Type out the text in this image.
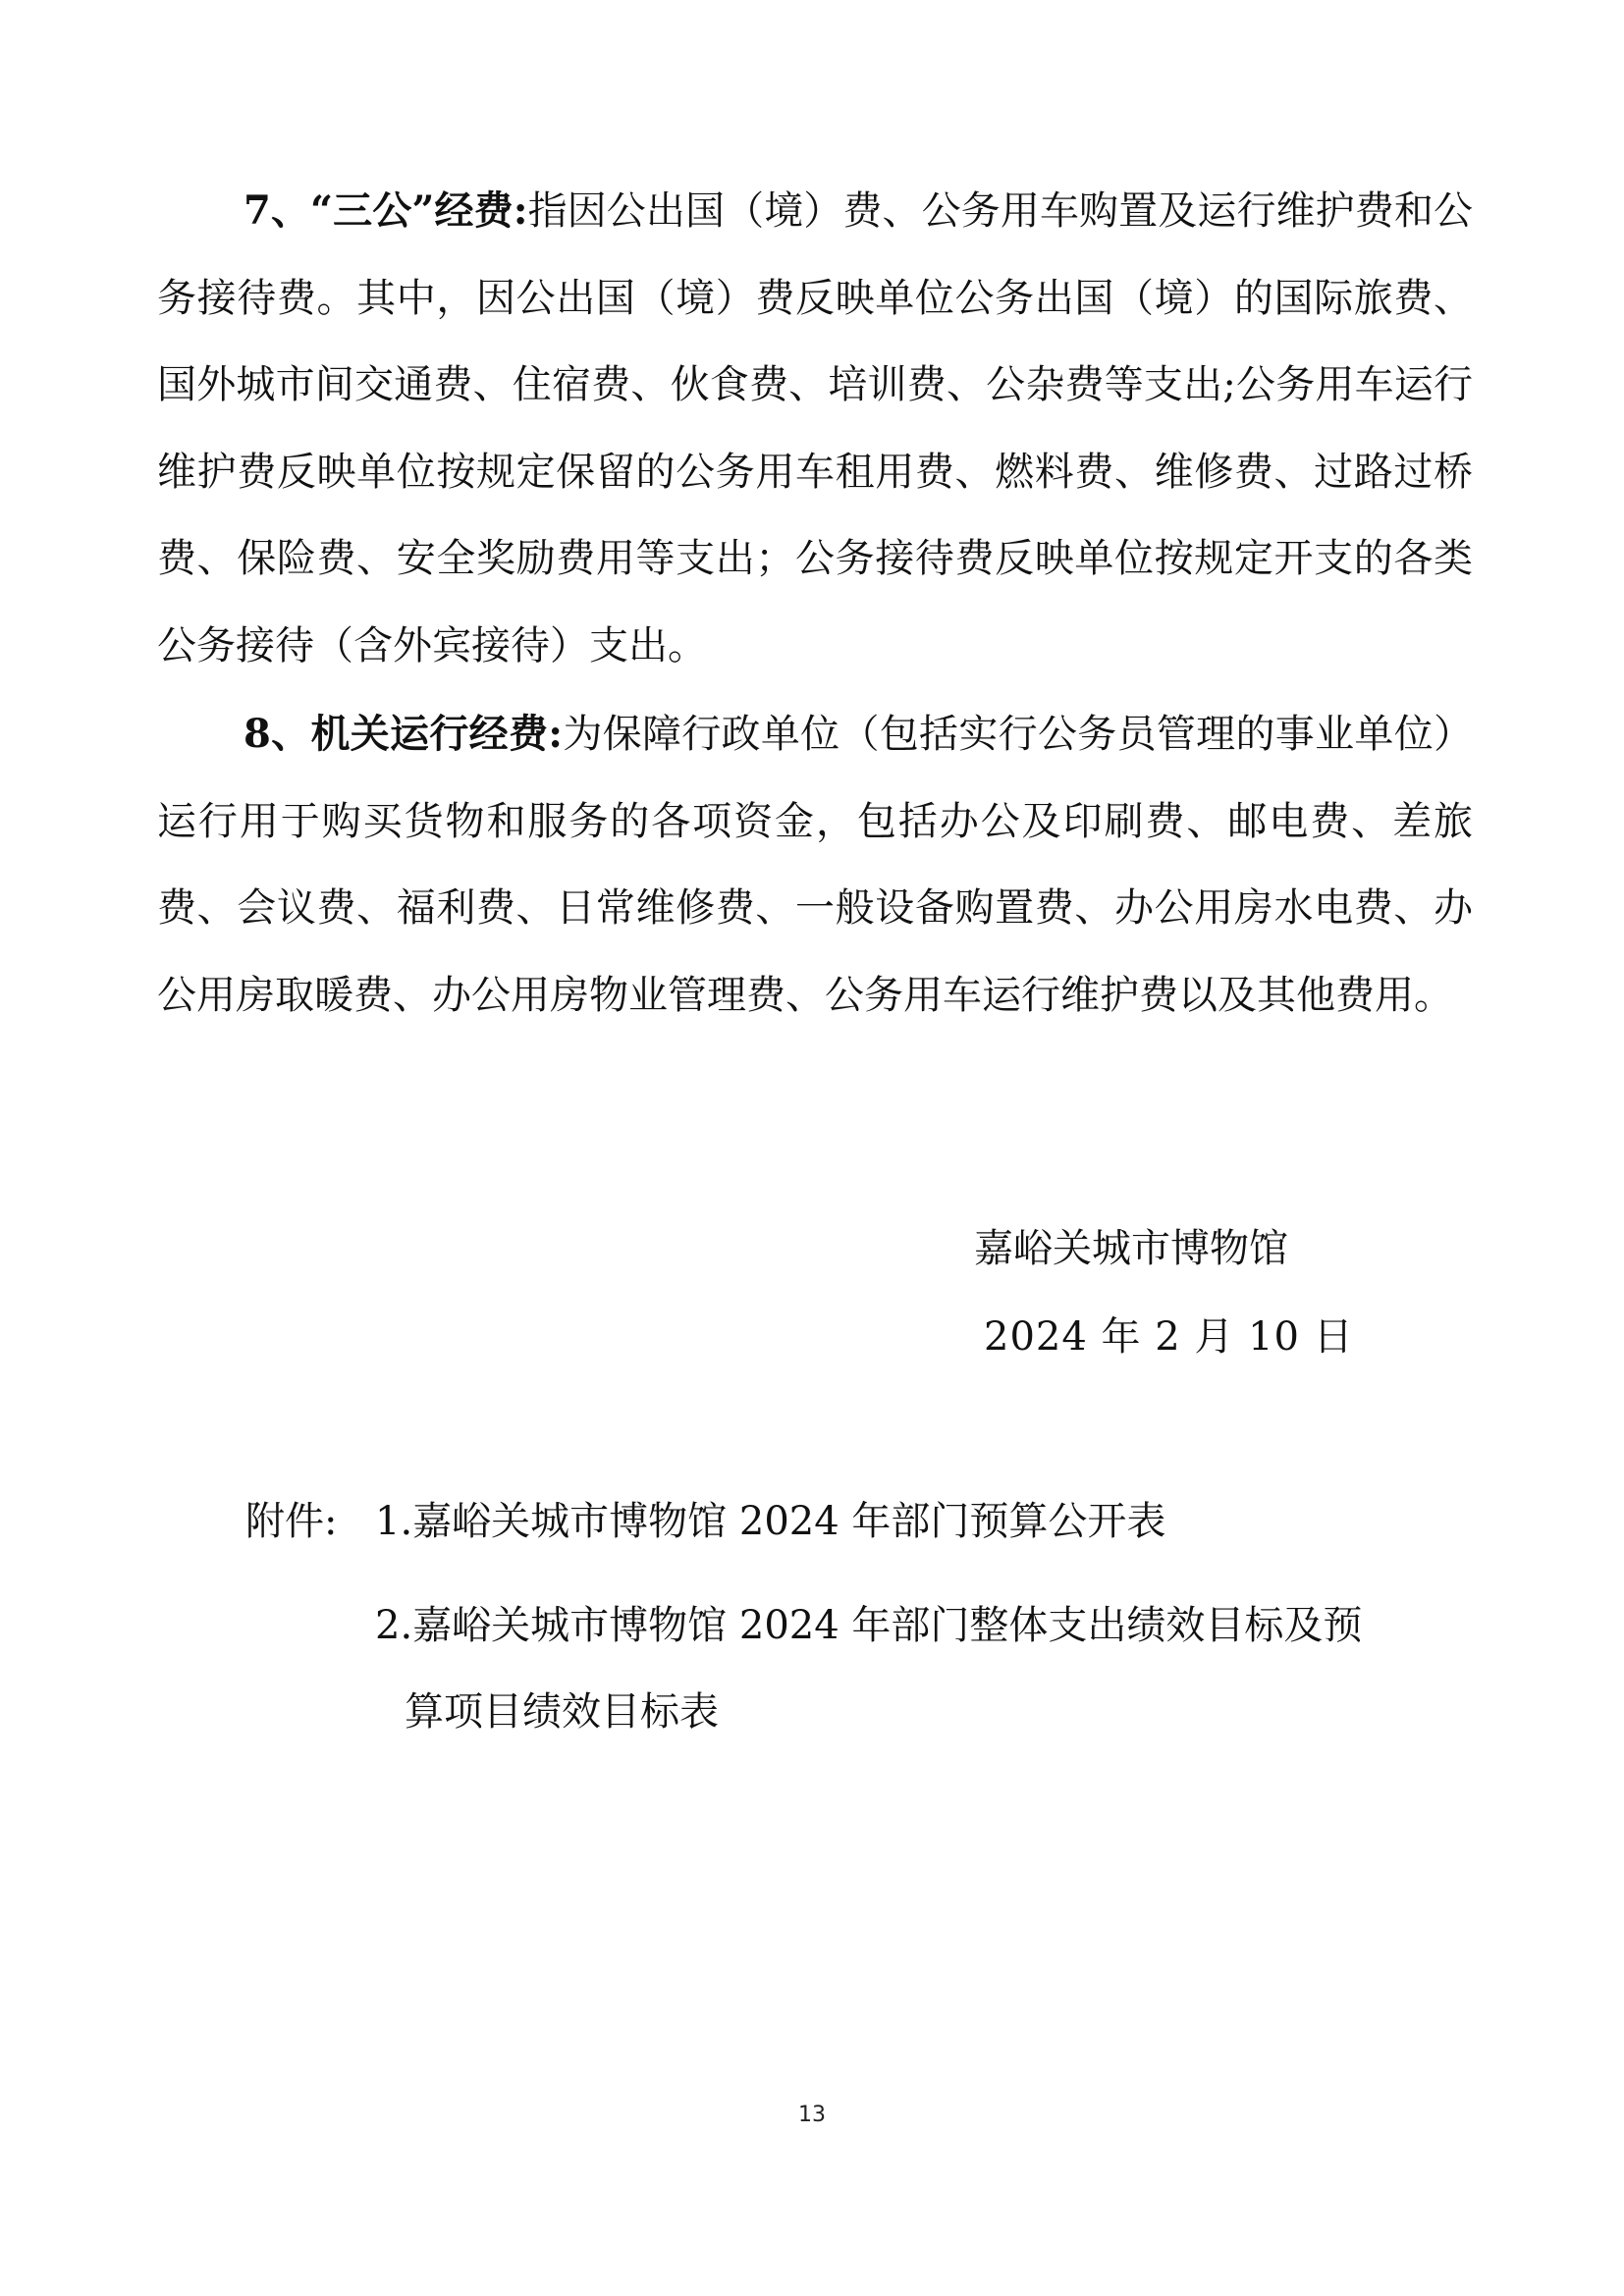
7、“三公”经费:指因公出国（境）费、公务用车购置及运行维护费和公务接待费。其中，因公出国（境）费反映单位公务出国（境）的国际旅费、国外城市间交通费、住宿费、伙食费、培训费、公杂费等支出;公务用车运行维护费反映单位按规定保留的公务用车租用费、燃料费、维修费、过路过桥费、保险费、安全奖励费用等支出；公务接待费反映单位按规定开支的各类公务接待（含外宾接待）支出。

8、机关运行经费:为保障行政单位（包括实行公务员管理的事业单位）运行用于购买货物和服务的各项资金，包括办公及印刷费、邮电费、差旅费、会议费、福利费、日常维修费、一般设备购置费、办公用房水电费、办公用房取暖费、办公用房物业管理费、公务用车运行维护费以及其他费用。

嘉峪关城市博物馆

2024 年 2 月 10 日

附件: 1.嘉峪关城市博物馆 2024 年部门预算公开表

2.嘉峪关城市博物馆 2024 年部门整体支出绩效目标及预
算项目绩效目标表

13
